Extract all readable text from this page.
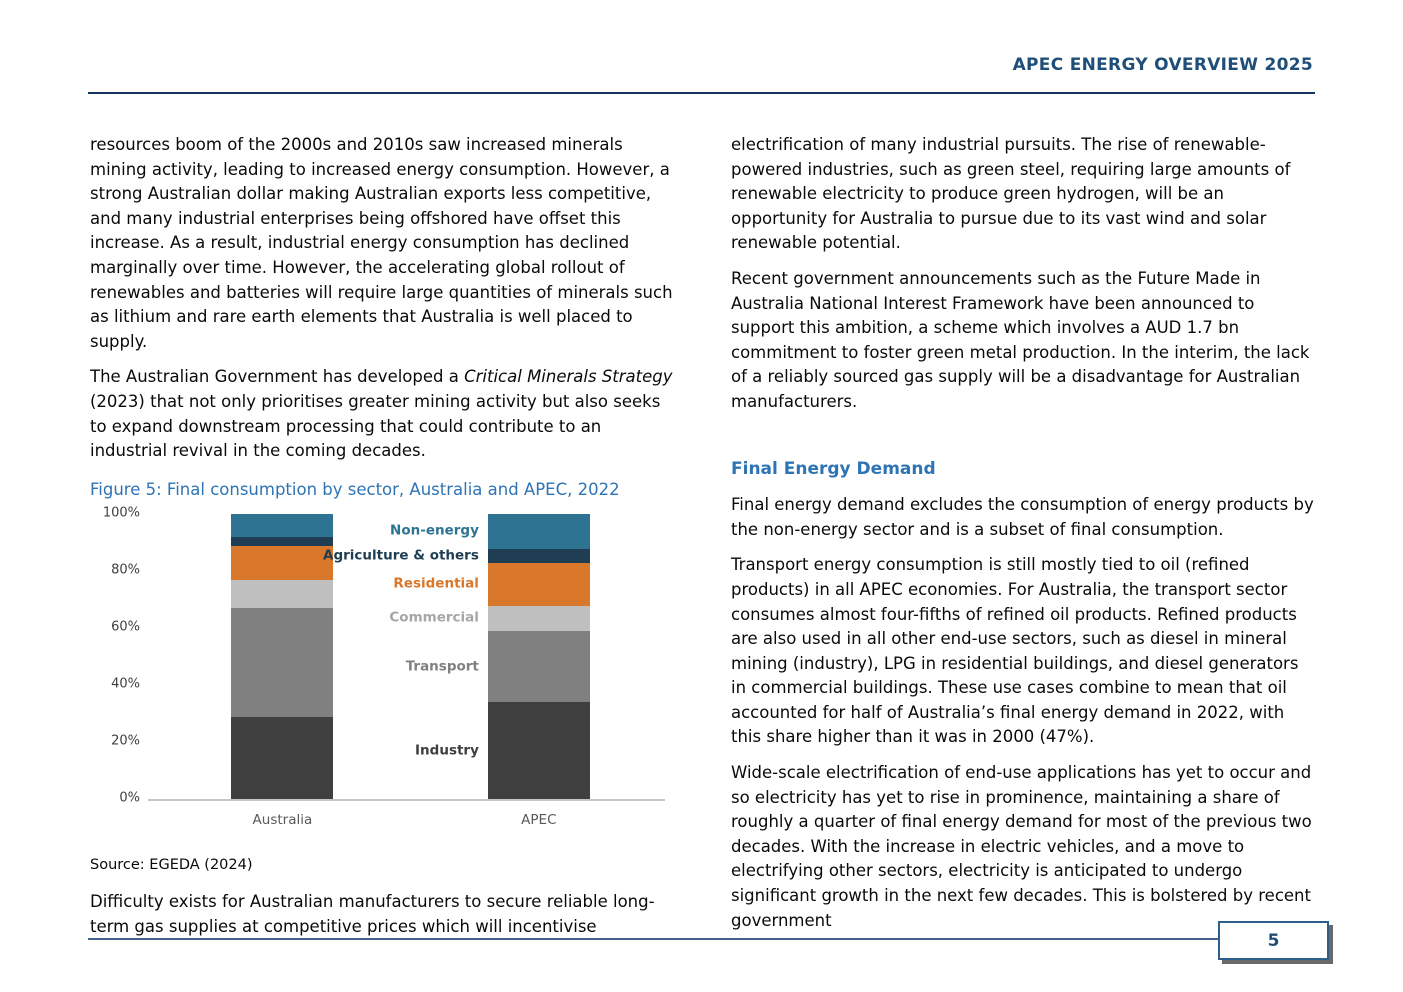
APEC ENERGY OVERVIEW 2025

resources boom of the 2000s and 2010s saw increased minerals mining activity, leading to increased energy consumption. However, a strong Australian dollar making Australian exports less competitive, and many industrial enterprises being offshored have offset this increase. As a result, industrial energy consumption has declined marginally over time. However, the accelerating global rollout of renewables and batteries will require large quantities of minerals such as lithium and rare earth elements that Australia is well placed to supply.

The Australian Government has developed a Critical Minerals Strategy (2023) that not only prioritises greater mining activity but also seeks to expand downstream processing that could contribute to an industrial revival in the coming decades.

Figure 5: Final consumption by sector, Australia and APEC, 2022
0%
20%
40%
60%
80%
100%
Australia	APEC
Industry
Transport
Commercial
Residential
Agriculture & others
Non-energy
Source: EGEDA (2024)

Difficulty exists for Australian manufacturers to secure reliable long-term gas supplies at competitive prices which will incentivise

electrification of many industrial pursuits. The rise of renewable-powered industries, such as green steel, requiring large amounts of renewable electricity to produce green hydrogen, will be an opportunity for Australia to pursue due to its vast wind and solar renewable potential.

Recent government announcements such as the Future Made in Australia National Interest Framework have been announced to support this ambition, a scheme which involves a AUD 1.7 bn commitment to foster green metal production. In the interim, the lack of a reliably sourced gas supply will be a disadvantage for Australian manufacturers.

Final Energy Demand

Final energy demand excludes the consumption of energy products by the non-energy sector and is a subset of final consumption.

Transport energy consumption is still mostly tied to oil (refined products) in all APEC economies. For Australia, the transport sector consumes almost four-fifths of refined oil products. Refined products are also used in all other end-use sectors, such as diesel in mineral mining (industry), LPG in residential buildings, and diesel generators in commercial buildings. These use cases combine to mean that oil accounted for half of Australia’s final energy demand in 2022, with this share higher than it was in 2000 (47%).

Wide-scale electrification of end-use applications has yet to occur and so electricity has yet to rise in prominence, maintaining a share of roughly a quarter of final energy demand for most of the previous two decades. With the increase in electric vehicles, and a move to electrifying other sectors, electricity is anticipated to undergo significant growth in the next few decades. This is bolstered by recent government

5
